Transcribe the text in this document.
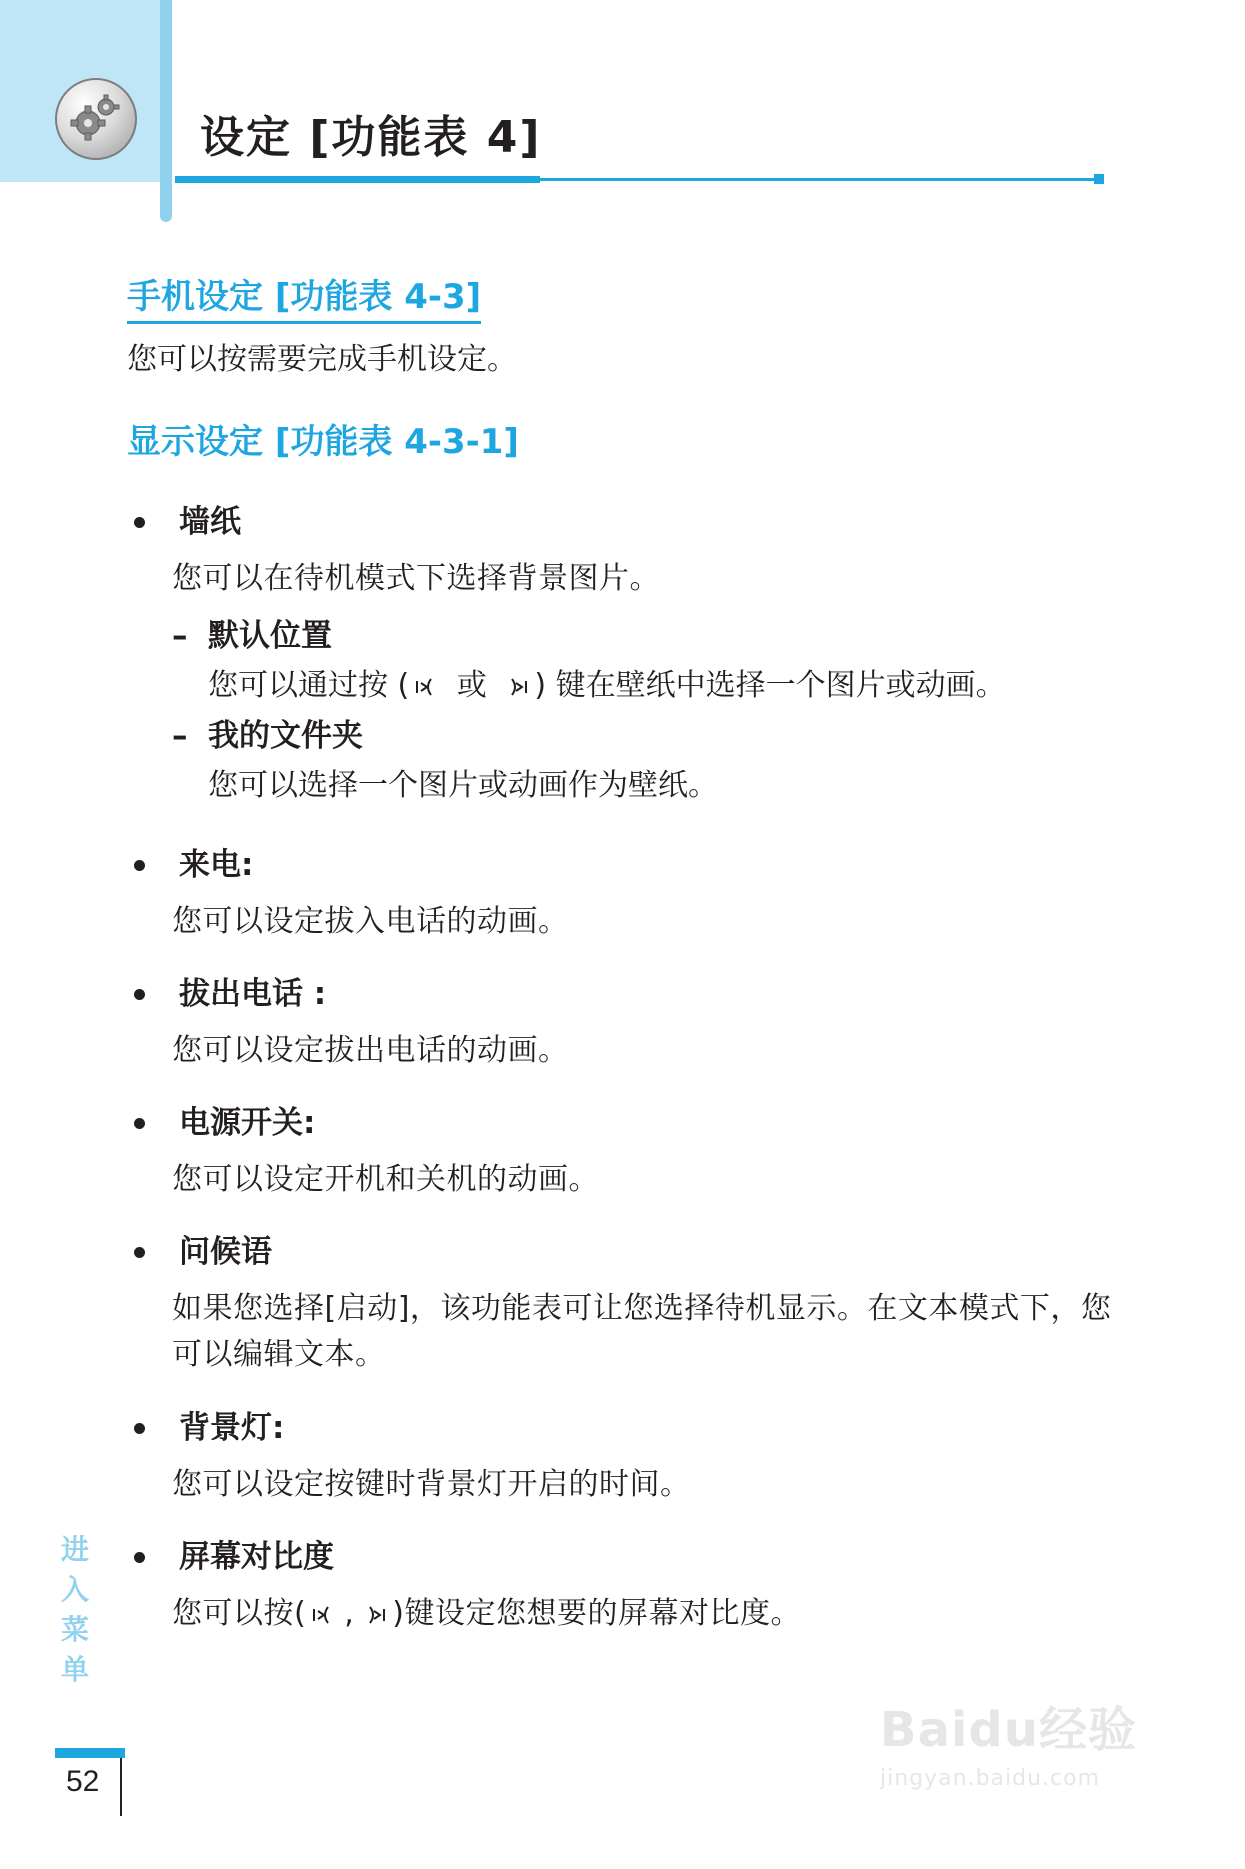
设定 [功能表 4]
手机设定 [功能表 4-3]

您可以按需要完成手机设定。

显示设定 [功能表 4-3-1]
墙纸
您可以在待机模式下选择背景图片。
– 默认位置
您可以通过按 ( 或 ) 键在壁纸中选择一个图片或动画。
– 我的文件夹
您可以选择一个图片或动画作为壁纸。
来电:
您可以设定拔入电话的动画。
拔出电话 :
您可以设定拔出电话的动画。
电源开关:
您可以设定开机和关机的动画。
问候语
如果您选择[启动]，该功能表可让您选择待机显示。在文本模式下，您可以编辑文本。
背景灯:
您可以设定按键时背景灯开启的时间。
屏幕对比度
您可以按( , )键设定您想要的屏幕对比度。
进入菜单
52
Baidu经验
jingyan.baidu.com
